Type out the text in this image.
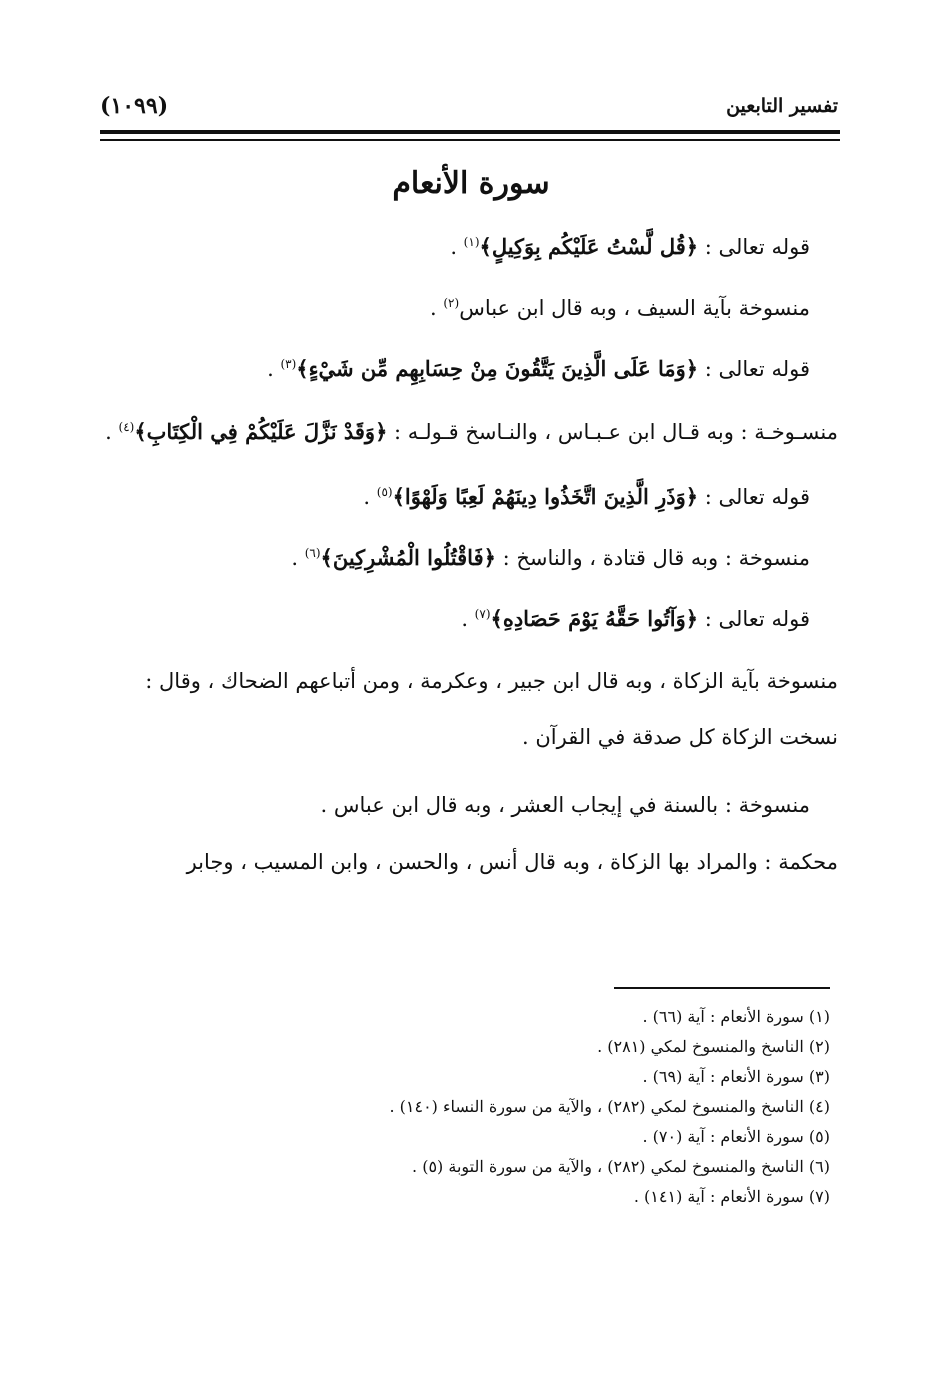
تفسير التابعين
(١٠٩٩)
سورة الأنعام

قوله تعالى : ﴿قُل لَّسْتُ عَلَيْكُم بِوَكِيلٍ﴾$^{(١)}$ .

منسوخة بآية السيف ، وبه قال ابن عباس$^{(٢)}$ .

قوله تعالى : ﴿وَمَا عَلَى الَّذِينَ يَتَّقُونَ مِنْ حِسَابِهِم مِّن شَيْءٍ﴾$^{(٣)}$ .

منسـوخـة : وبه قـال ابن عـبـاس ، والنـاسخ قـولـه : ﴿وَقَدْ نَزَّلَ عَلَيْكُمْ فِي الْكِتَابِ﴾$^{(٤)}$ .

قوله تعالى : ﴿وَذَرِ الَّذِينَ اتَّخَذُوا دِينَهُمْ لَعِبًا وَلَهْوًا﴾$^{(٥)}$ .

منسوخة : وبه قال قتادة ، والناسخ : ﴿فَاقْتُلُوا الْمُشْرِكِينَ﴾$^{(٦)}$ .

قوله تعالى : ﴿وَآتُوا حَقَّهُ يَوْمَ حَصَادِهِ﴾$^{(٧)}$ .

منسوخة بآية الزكاة ، وبه قال ابن جبير ، وعكرمة ، ومن أتباعهم الضحاك ، وقال : نسخت الزكاة كل صدقة في القرآن .

منسوخة : بالسنة في إيجاب العشر ، وبه قال ابن عباس .

محكمة : والمراد بها الزكاة ، وبه قال أنس ، والحسن ، وابن المسيب ، وجابر

(١) سورة الأنعام : آية (٦٦) .
(٢) الناسخ والمنسوخ لمكي (٢٨١) .
(٣) سورة الأنعام : آية (٦٩) .
(٤) الناسخ والمنسوخ لمكي (٢٨٢) ، والآية من سورة النساء (١٤٠) .
(٥) سورة الأنعام : آية (٧٠) .
(٦) الناسخ والمنسوخ لمكي (٢٨٢) ، والآية من سورة التوبة (٥) .
(٧) سورة الأنعام : آية (١٤١) .
